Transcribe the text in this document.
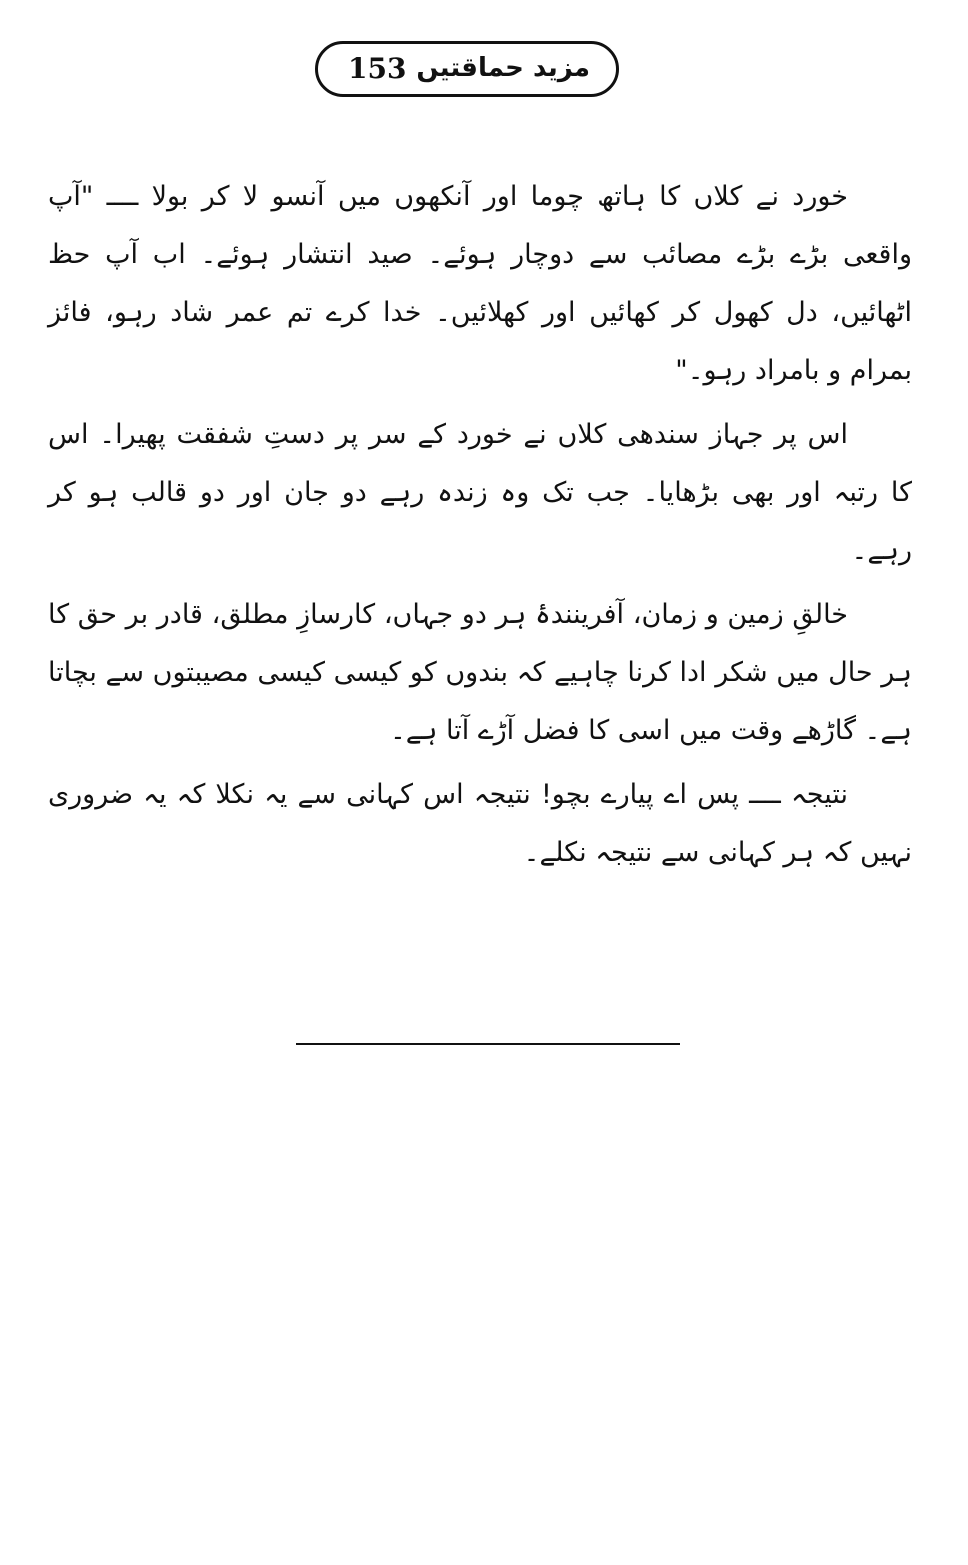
153 مزید حماقتیں

خورد نے کلاں کا ہاتھ چوما اور آنکھوں میں آنسو لا کر بولا ــــ "آپ واقعی بڑے بڑے مصائب سے دوچار ہوئے۔ صید انتشار ہوئے۔ اب آپ حظ اٹھائیں، دل کھول کر کھائیں اور کھلائیں۔ خدا کرے تم عمر شاد رہو، فائز بمرام و بامراد رہو۔"

اس پر جہاز سندھی کلاں نے خورد کے سر پر دستِ شفقت پھیرا۔ اس کا رتبہ اور بھی بڑھایا۔ جب تک وہ زندہ رہے دو جان اور دو قالب ہو کر رہے۔

خالقِ زمین و زمان، آفرینندۂ ہر دو جہاں، کارسازِ مطلق، قادر بر حق کا ہر حال میں شکر ادا کرنا چاہیے کہ بندوں کو کیسی کیسی مصیبتوں سے بچاتا ہے۔ گاڑھے وقت میں اسی کا فضل آڑے آتا ہے۔

نتیجہ ــــ پس اے پیارے بچو! نتیجہ اس کہانی سے یہ نکلا کہ یہ ضروری نہیں کہ ہر کہانی سے نتیجہ نکلے۔
